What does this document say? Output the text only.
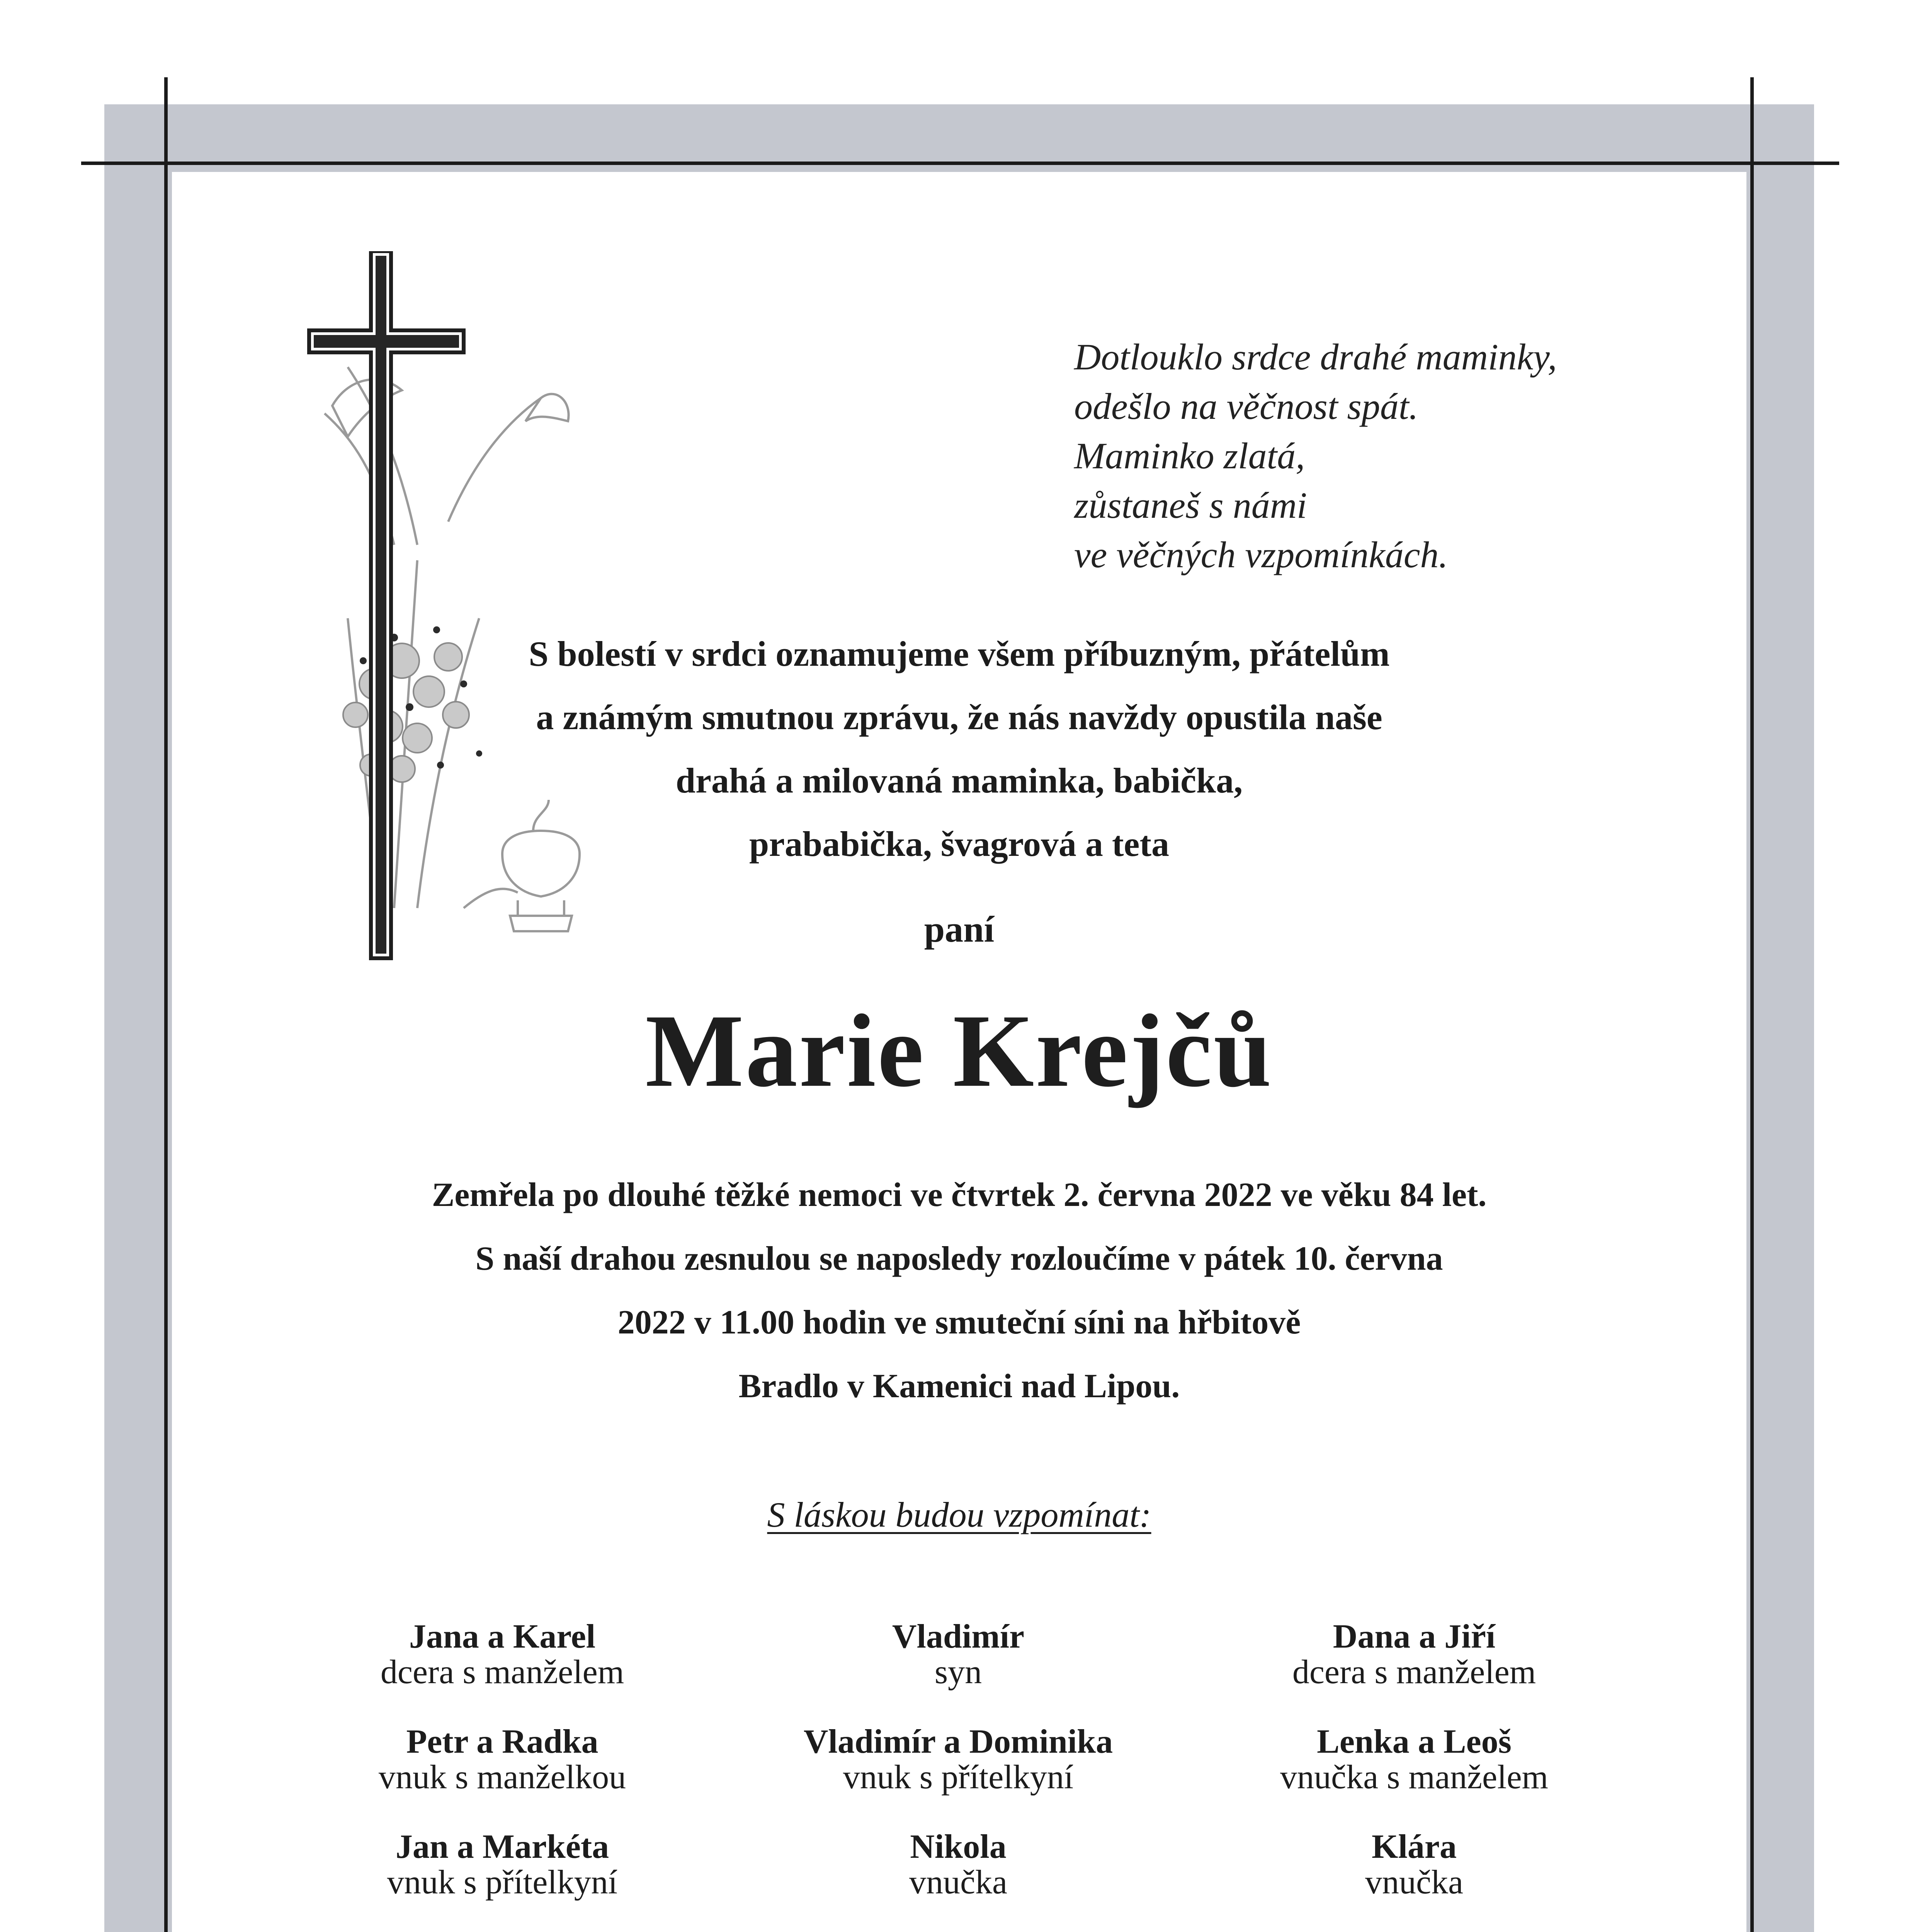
Dotlouklo srdce drahé maminky,
odešlo na věčnost spát.
Maminko zlatá,
zůstaneš s námi
ve věčných vzpomínkách.
S bolestí v srdci oznamujeme všem příbuzným, přátelům
a známým smutnou zprávu, že nás navždy opustila naše
drahá a milovaná maminka, babička,
prababička, švagrová a teta
paní
Marie Krejčů
Zemřela po dlouhé těžké nemoci ve čtvrtek 2. června 2022 ve věku 84 let.
S naší drahou zesnulou se naposledy rozloučíme v pátek 10. června
2022 v 11.00 hodin ve smuteční síni na hřbitově
Bradlo v Kamenici nad Lipou.
S láskou budou vzpomínat:
Jana a Karel
dcera s manželem
Vladimír
syn
Dana a Jiří
dcera s manželem
Petr a Radka
vnuk s manželkou
Vladimír a Dominika
vnuk s přítelkyní
Lenka a Leoš
vnučka s manželem
Jan a Markéta
vnuk s přítelkyní
Nikola
vnučka
Klára
vnučka
